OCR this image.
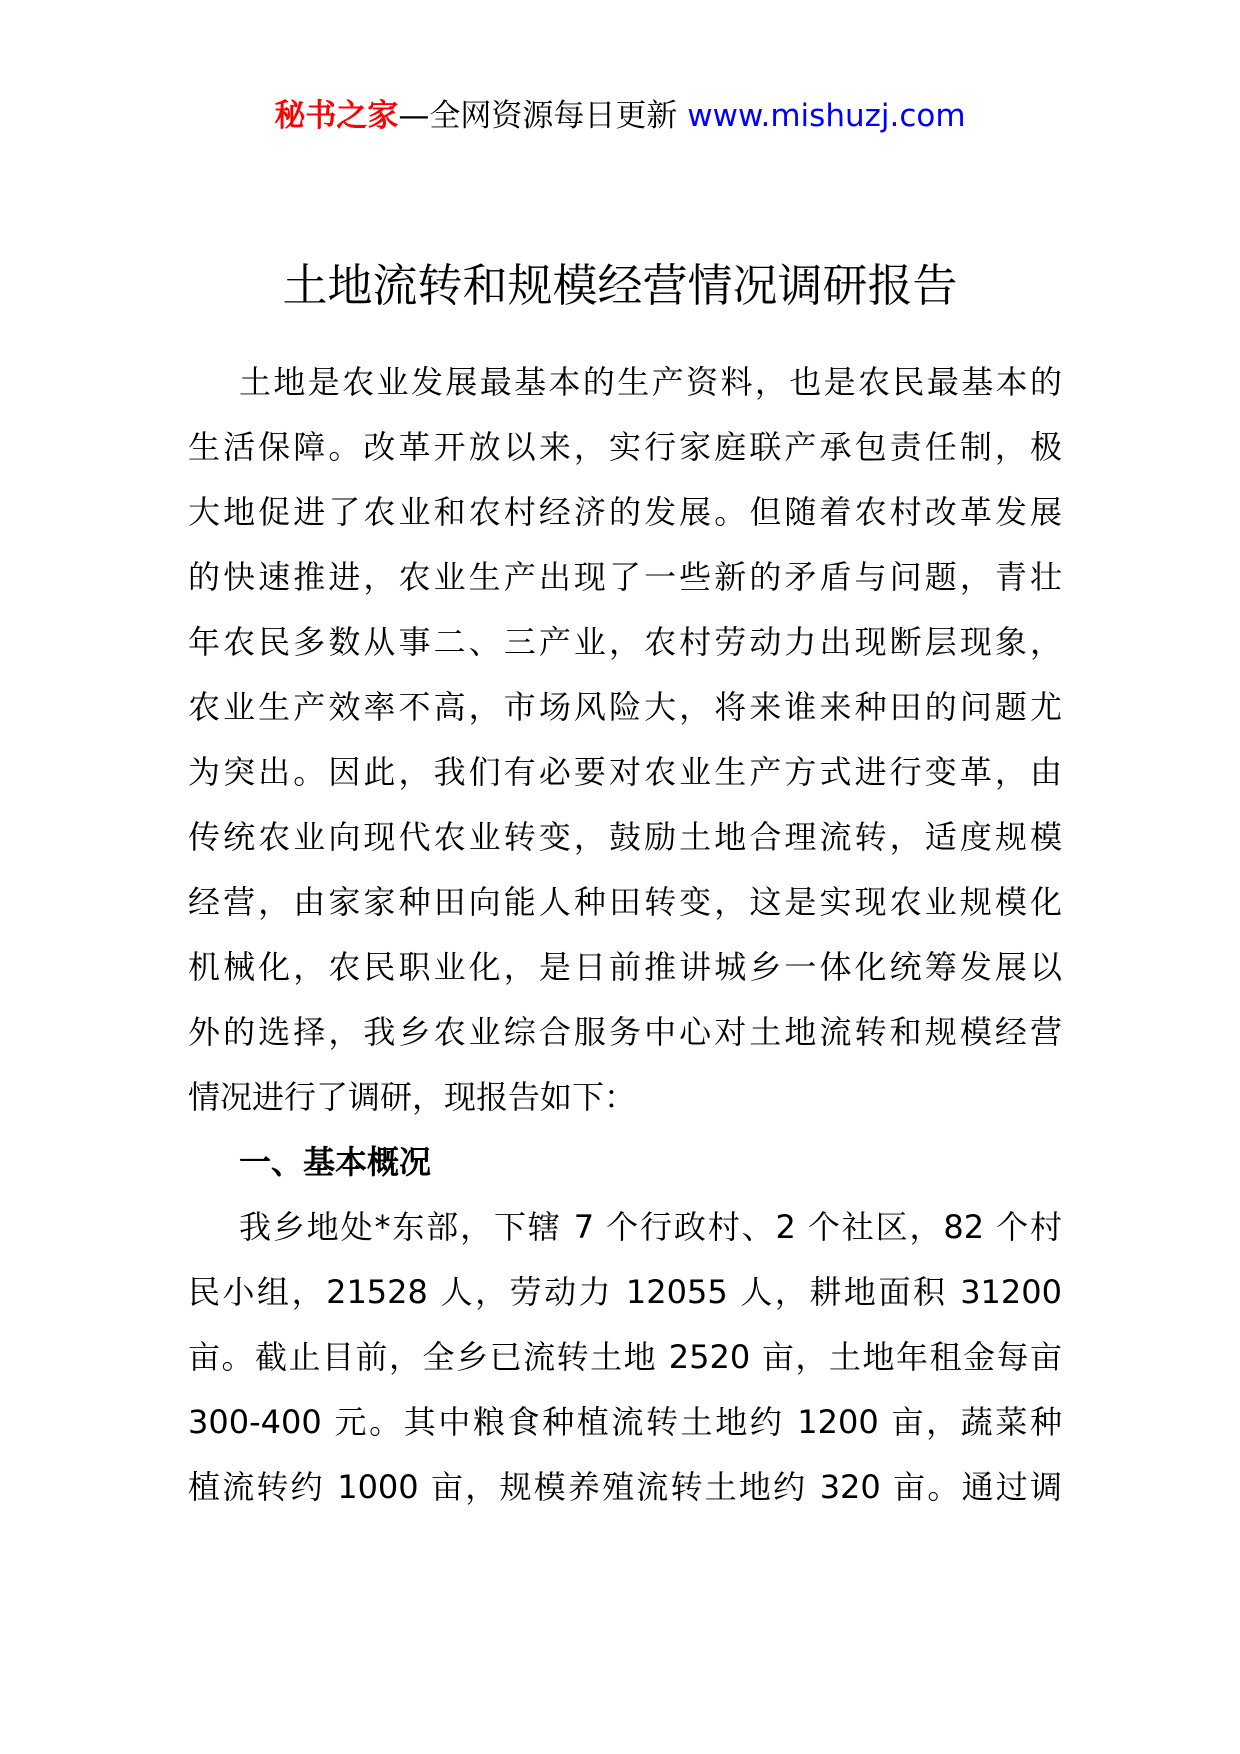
秘书之家—全网资源每日更新 www.mishuzj.com
土地流转和规模经营情况调研报告
土地是农业发展最基本的生产资料，也是农民最基本的
生活保障。改革开放以来，实行家庭联产承包责任制，极
大地促进了农业和农村经济的发展。但随着农村改革发展
的快速推进，农业生产出现了一些新的矛盾与问题，青壮
年农民多数从事二、三产业，农村劳动力出现断层现象，
农业生产效率不高，市场风险大，将来谁来种田的问题尤
为突出。因此，我们有必要对农业生产方式进行变革，由
传统农业向现代农业转变，鼓励土地合理流转，适度规模
经营，由家家种田向能人种田转变，这是实现农业规模化
机械化，农民职业化，是日前推讲城乡一体化统筹发展以
外的选择，我乡农业综合服务中心对土地流转和规模经营
情况进行了调研，现报告如下：
一、基本概况
我乡地处*东部，下辖 7 个行政村、2 个社区，82 个村
民小组，21528 人，劳动力 12055 人，耕地面积 31200
亩。截止目前，全乡已流转土地 2520 亩，土地年租金每亩
300-400 元。其中粮食种植流转土地约 1200 亩，蔬菜种
植流转约 1000 亩，规模养殖流转土地约 320 亩。通过调
